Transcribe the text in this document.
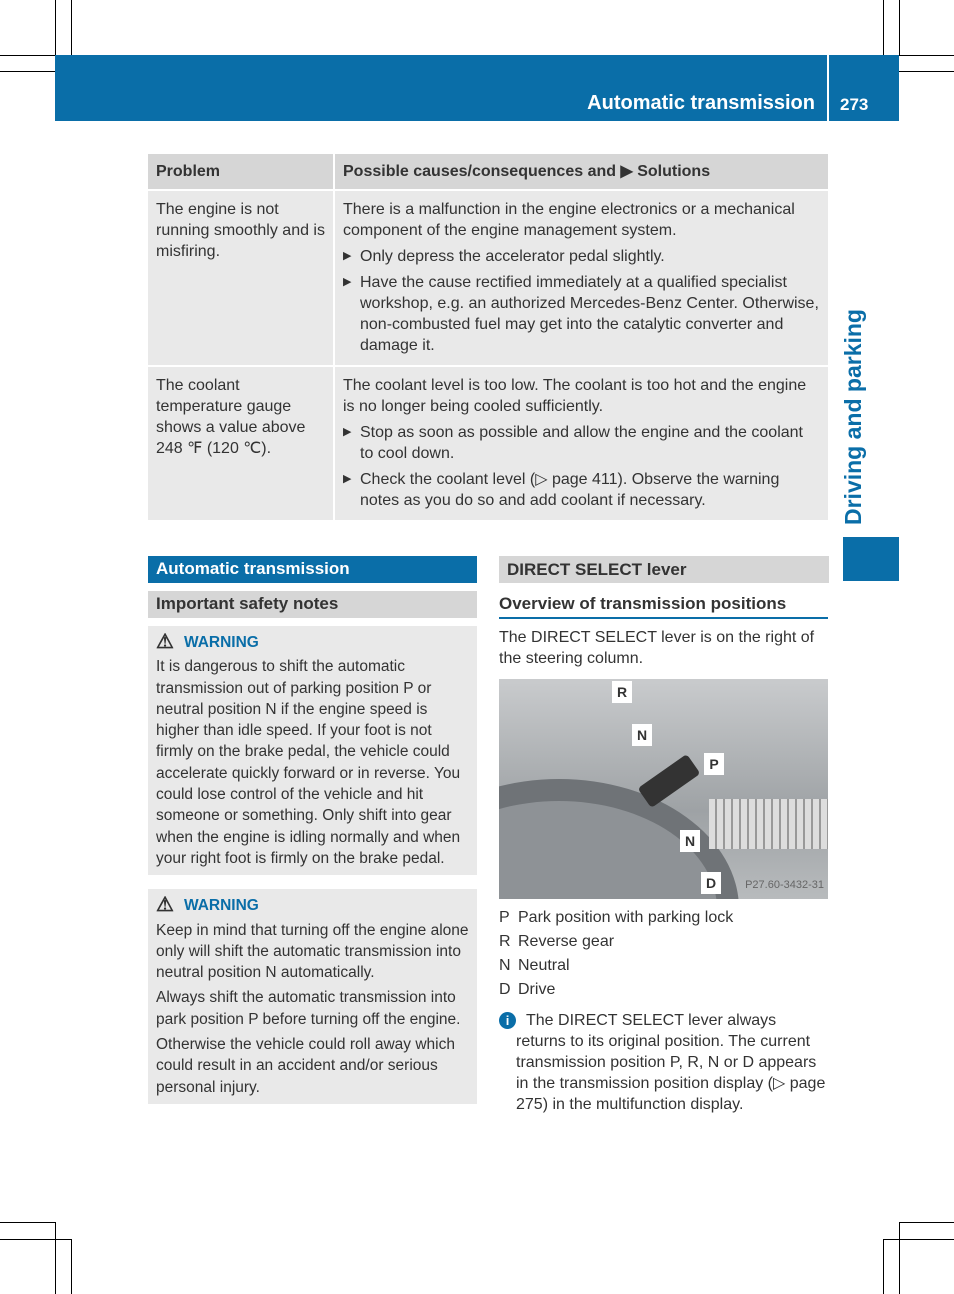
Automatic transmission 273
Driving and parking
Problem	Possible causes/consequences and ▶ Solutions
The engine is not running smoothly and is misfiring.	There is a malfunction in the engine electronics or a mechanical component of the engine management system.
▶ Only depress the accelerator pedal slightly.
▶ Have the cause rectified immediately at a qualified specialist workshop, e.g. an authorized Mercedes-Benz Center. Otherwise, non-combusted fuel may get into the catalytic converter and damage it.

The coolant temperature gauge shows a value above 248 ℉ (120 ℃).	The coolant level is too low. The coolant is too hot and the engine is no longer being cooled sufficiently.
▶ Stop as soon as possible and allow the engine and the coolant to cool down.
▶ Check the coolant level (▷ page 411). Observe the warning notes as you do so and add coolant if necessary.
Automatic transmission
Important safety notes
⚠ WARNING
It is dangerous to shift the automatic transmission out of parking position P or neutral position N if the engine speed is higher than idle speed. If your foot is not firmly on the brake pedal, the vehicle could accelerate quickly forward or in reverse. You could lose control of the vehicle and hit someone or something. Only shift into gear when the engine is idling normally and when your right foot is firmly on the brake pedal.
⚠ WARNING
Keep in mind that turning off the engine alone only will shift the automatic transmission into neutral position N automatically.
Always shift the automatic transmission into park position P before turning off the engine.
Otherwise the vehicle could roll away which could result in an accident and/or serious personal injury.
DIRECT SELECT lever
Overview of transmission positions
The DIRECT SELECT lever is on the right of the steering column.
R
N
P
N
D	P27.60-3432-31
P Park position with parking lock
R Reverse gear
N Neutral
D Drive
i	The DIRECT SELECT lever always returns to its original position. The current transmission position P, R, N or D appears in the transmission position display (▷ page 275) in the multifunction display.
